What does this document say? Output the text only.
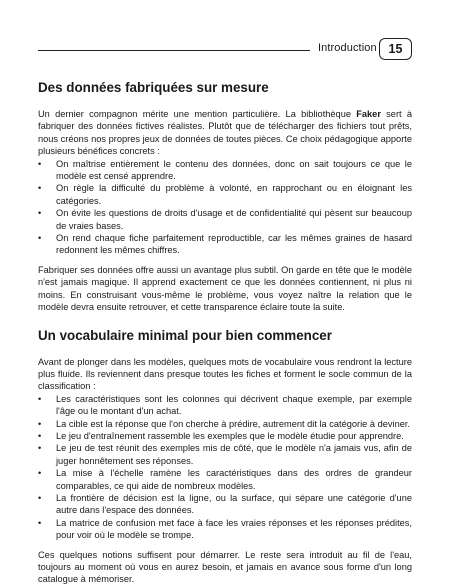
Introduction 15
Des données fabriquées sur mesure

Un dernier compagnon mérite une mention particulière. La bibliothèque Faker sert à fabriquer des données fictives réalistes. Plutôt que de télécharger des fichiers tout prêts, nous créons nos propres jeux de données de toutes pièces. Ce choix pédagogique apporte plusieurs bénéfices concrets :

• On maîtrise entièrement le contenu des données, donc on sait toujours ce que le modèle est censé apprendre.
• On règle la difficulté du problème à volonté, en rapprochant ou en éloignant les catégories.
• On évite les questions de droits d'usage et de confidentialité qui pèsent sur beaucoup de vraies bases.
• On rend chaque fiche parfaitement reproductible, car les mêmes graines de hasard redonnent les mêmes chiffres.

Fabriquer ses données offre aussi un avantage plus subtil. On garde en tête que le modèle n'est jamais magique. Il apprend exactement ce que les données contiennent, ni plus ni moins. En construisant vous-même le problème, vous voyez naître la relation que le modèle devra ensuite retrouver, et cette transparence éclaire toute la suite.

Un vocabulaire minimal pour bien commencer

Avant de plonger dans les modèles, quelques mots de vocabulaire vous rendront la lecture plus fluide. Ils reviennent dans presque toutes les fiches et forment le socle commun de la classification :

• Les caractéristiques sont les colonnes qui décrivent chaque exemple, par exemple l'âge ou le montant d'un achat.
• La cible est la réponse que l'on cherche à prédire, autrement dit la catégorie à deviner.
• Le jeu d'entraînement rassemble les exemples que le modèle étudie pour apprendre.
• Le jeu de test réunit des exemples mis de côté, que le modèle n'a jamais vus, afin de juger honnêtement ses réponses.
• La mise à l'échelle ramène les caractéristiques dans des ordres de grandeur comparables, ce qui aide de nombreux modèles.
• La frontière de décision est la ligne, ou la surface, qui sépare une catégorie d'une autre dans l'espace des données.
• La matrice de confusion met face à face les vraies réponses et les réponses prédites, pour voir où le modèle se trompe.

Ces quelques notions suffisent pour démarrer. Le reste sera introduit au fil de l'eau, toujours au moment où vous en aurez besoin, et jamais en avance sous forme d'un long catalogue à mémoriser.
